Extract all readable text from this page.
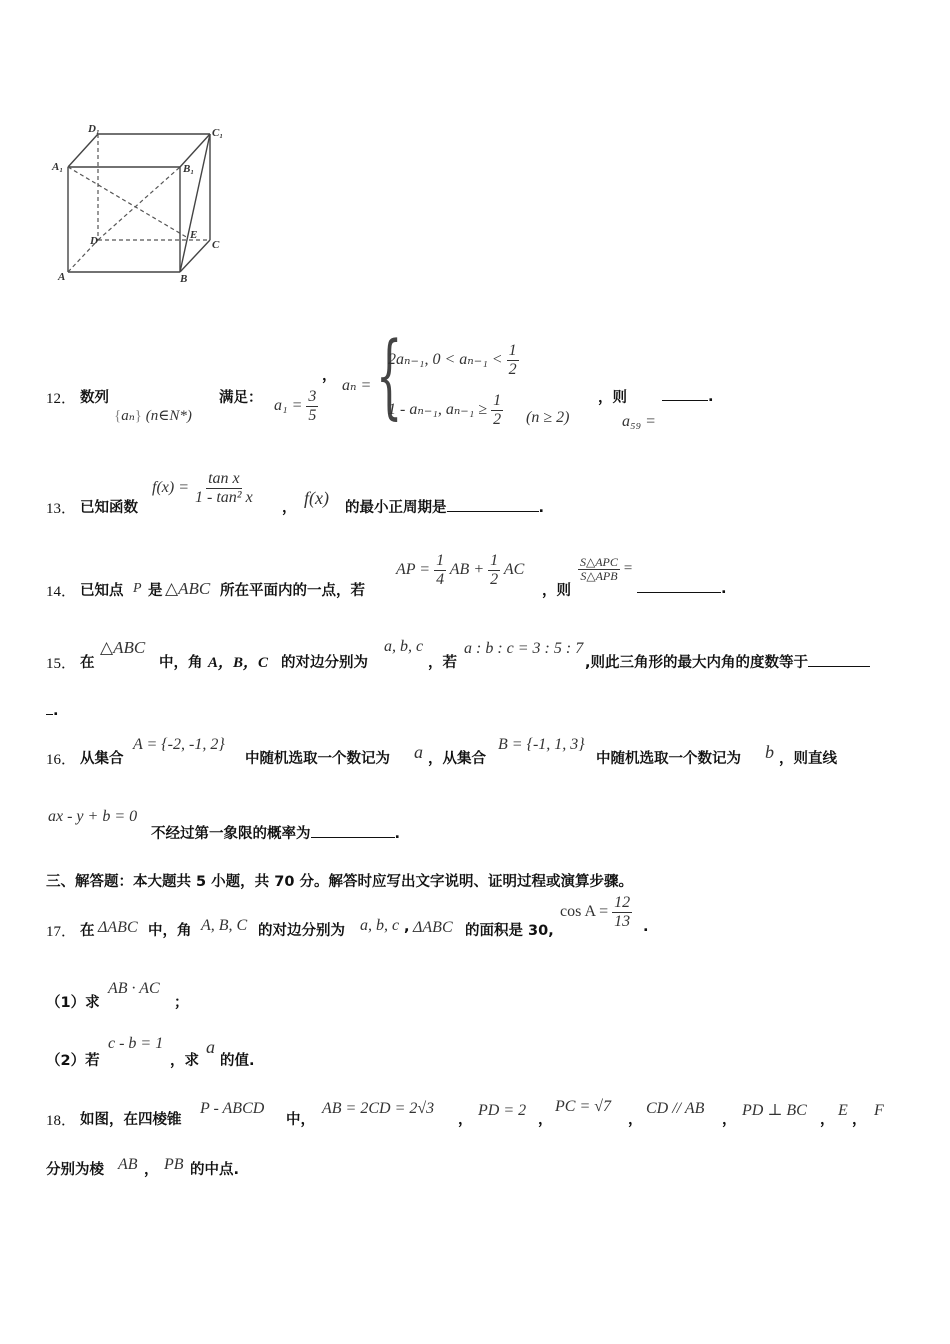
D₁	C₁
A₁	B₁
D	E
C
A	B
12． 数列
{aₙ} (n∈N*)
满足： $a_1 = \frac{3}{5}$
，
aₙ = {
2aₙ₋₁, $0 < a_{n-1} < \frac{1}{2}$
1 - aₙ₋₁, $a_{n-1} \ge \frac{1}{2} (n \ge 2)$
，则
a₅₉ =
.
13． 已知函数
$f(x) = \frac{\text{tan x}}{\text{1 - tan² x}}$
， f(x) 的最小正周期是	.
14． 已知点 P 是 △ABC 所在平面内的一点，若
AP = $\frac{1}{4}$ AB + $\frac{1}{2}$ AC
，则
$\frac{\text{S△APC}}{\text{S△APB}}$ =
.
15． 在
△ABC
中，角 A，B，C 的对边分别为
a, b, c
，若
a : b : c = 3 : 5 : 7
,则此三角形的最大内角的度数等于
.
16． 从集合
A = {-2, -1, 2}
中随机选取一个数记为 a ，从集合
B = {-1, 1, 3}
中随机选取一个数记为 b ，则直线
ax - y + b = 0
不经过第一象限的概率为	.
三、解答题：本大题共 5 小题，共 70 分。解答时应写出文字说明、证明过程或演算步骤。
17． 在 ΔABC 中，角 A, B, C 的对边分别为 a, b, c , ΔABC 的面积是 30,
$\cos A = \frac{12}{13}$ .
（1）求
AB · AC
；
（2）若
c - b = 1
，求
a
的值.
18． 如图，在四棱锥
P - ABCD
中，
AB = 2CD = 2√3
，
PD = 2
，
PC = √7
，
CD // AB
，
PD ⊥ BC
，
E
，
F
分别为棱 AB ， PB 的中点.
